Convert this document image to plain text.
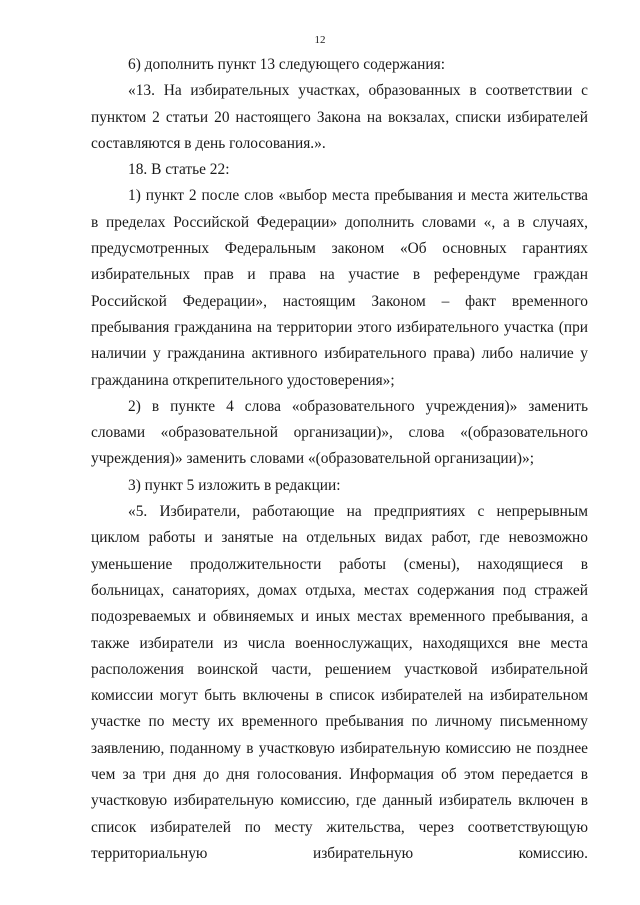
12

6) дополнить пункт 13 следующего содержания:

«13. На избирательных участках, образованных в соответствии с пунктом 2 статьи 20 настоящего Закона на вокзалах, списки избирателей составляются в день голосования.».

18. В статье 22:

1) пункт 2 после слов «выбор места пребывания и места жительства в пределах Российской Федерации» дополнить словами «, а в случаях, предусмотренных Федеральным законом «Об основных гарантиях избирательных прав и права на участие в референдуме граждан Российской Федерации», настоящим Законом – факт временного пребывания гражданина на территории этого избирательного участка (при наличии у гражданина активного избирательного права) либо наличие у гражданина открепительного удостоверения»;

2) в пункте 4 слова «образовательного учреждения)» заменить словами «образовательной организации)», слова «(образовательного учреждения)» заменить словами «(образовательной организации)»;

3) пункт 5 изложить в редакции:

«5. Избиратели, работающие на предприятиях с непрерывным циклом работы и занятые на отдельных видах работ, где невозможно уменьшение продолжительности работы (смены), находящиеся в больницах, санаториях, домах отдыха, местах содержания под стражей подозреваемых и обвиняемых и иных местах временного пребывания, а также избиратели из числа военнослужащих, находящихся вне места расположения воинской части, решением участковой избирательной комиссии могут быть включены в список избирателей на избирательном участке по месту их временного пребывания по личному письменному заявлению, поданному в участковую избирательную комиссию не позднее чем за три дня до дня голосования. Информация об этом передается в участковую избирательную комиссию, где данный избиратель включен в список избирателей по месту жительства, через соответствующую территориальную избирательную комиссию.
